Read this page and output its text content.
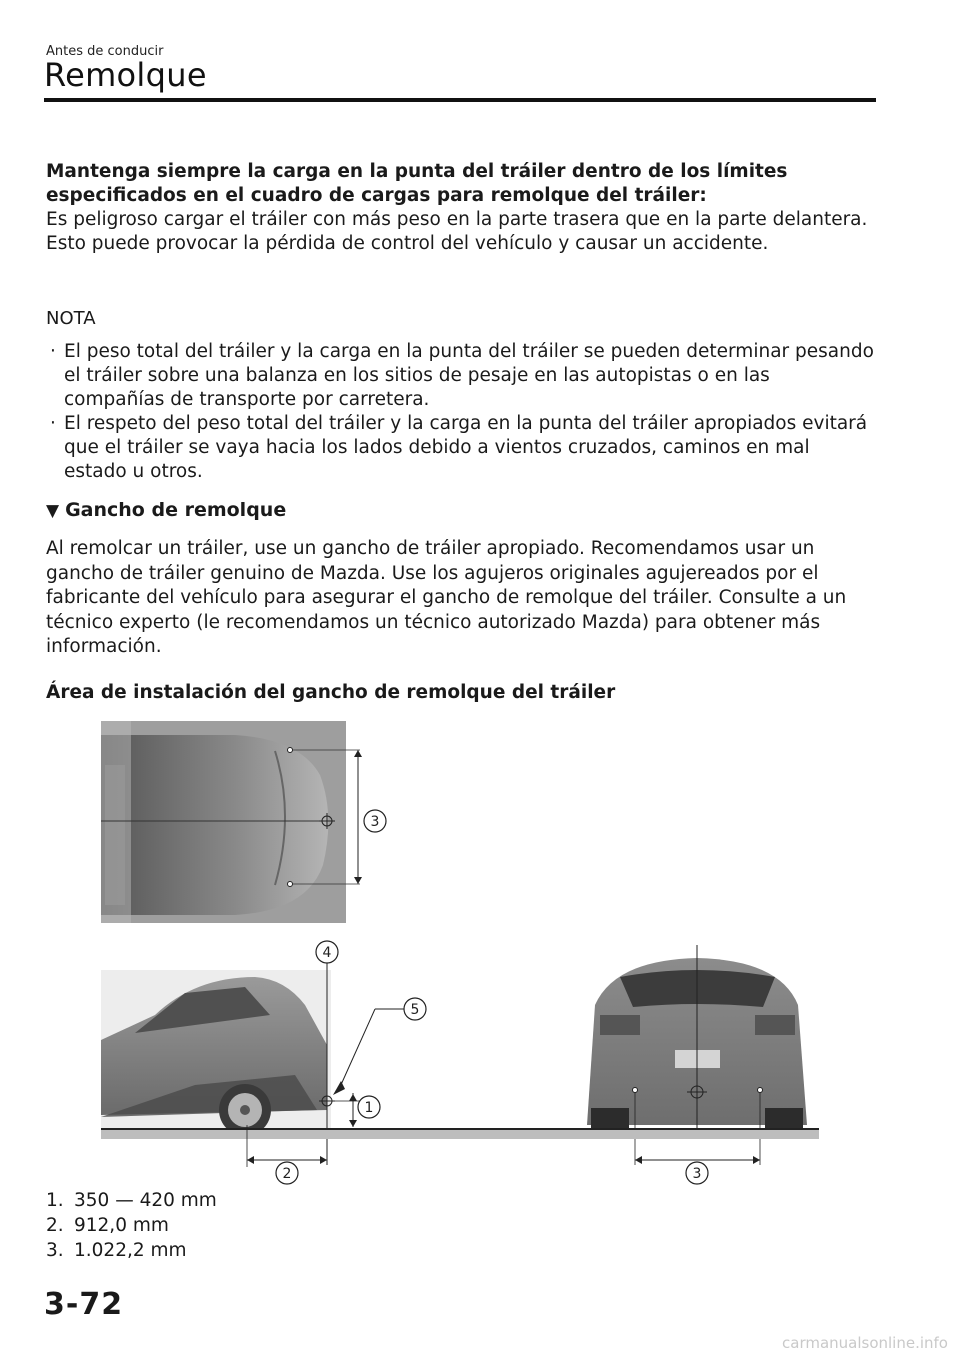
Antes de conducir
Remolque

Mantenga siempre la carga en la punta del tráiler dentro de los límites especificados en el cuadro de cargas para remolque del tráiler:

Es peligroso cargar el tráiler con más peso en la parte trasera que en la parte delantera. Esto puede provocar la pérdida de control del vehículo y causar un accidente.

NOTA
· El peso total del tráiler y la carga en la punta del tráiler se pueden determinar pesando el tráiler sobre una balanza en los sitios de pesaje en las autopistas o en las compañías de transporte por carretera.
· El respeto del peso total del tráiler y la carga en la punta del tráiler apropiados evitará que el tráiler se vaya hacia los lados debido a vientos cruzados, caminos en mal estado u otros.
▼ Gancho de remolque

Al remolcar un tráiler, use un gancho de tráiler apropiado. Recomendamos usar un gancho de tráiler genuino de Mazda. Use los agujeros originales agujereados por el fabricante del vehículo para asegurar el gancho de remolque del tráiler. Consulte a un técnico experto (le recomendamos un técnico autorizado Mazda) para obtener más información.

Área de instalación del gancho de remolque del tráiler
3
4
5
1
2	3
1. 350 — 420 mm
2. 912,0 mm
3. 1.022,2 mm
3-72
carmanualsonline.info
